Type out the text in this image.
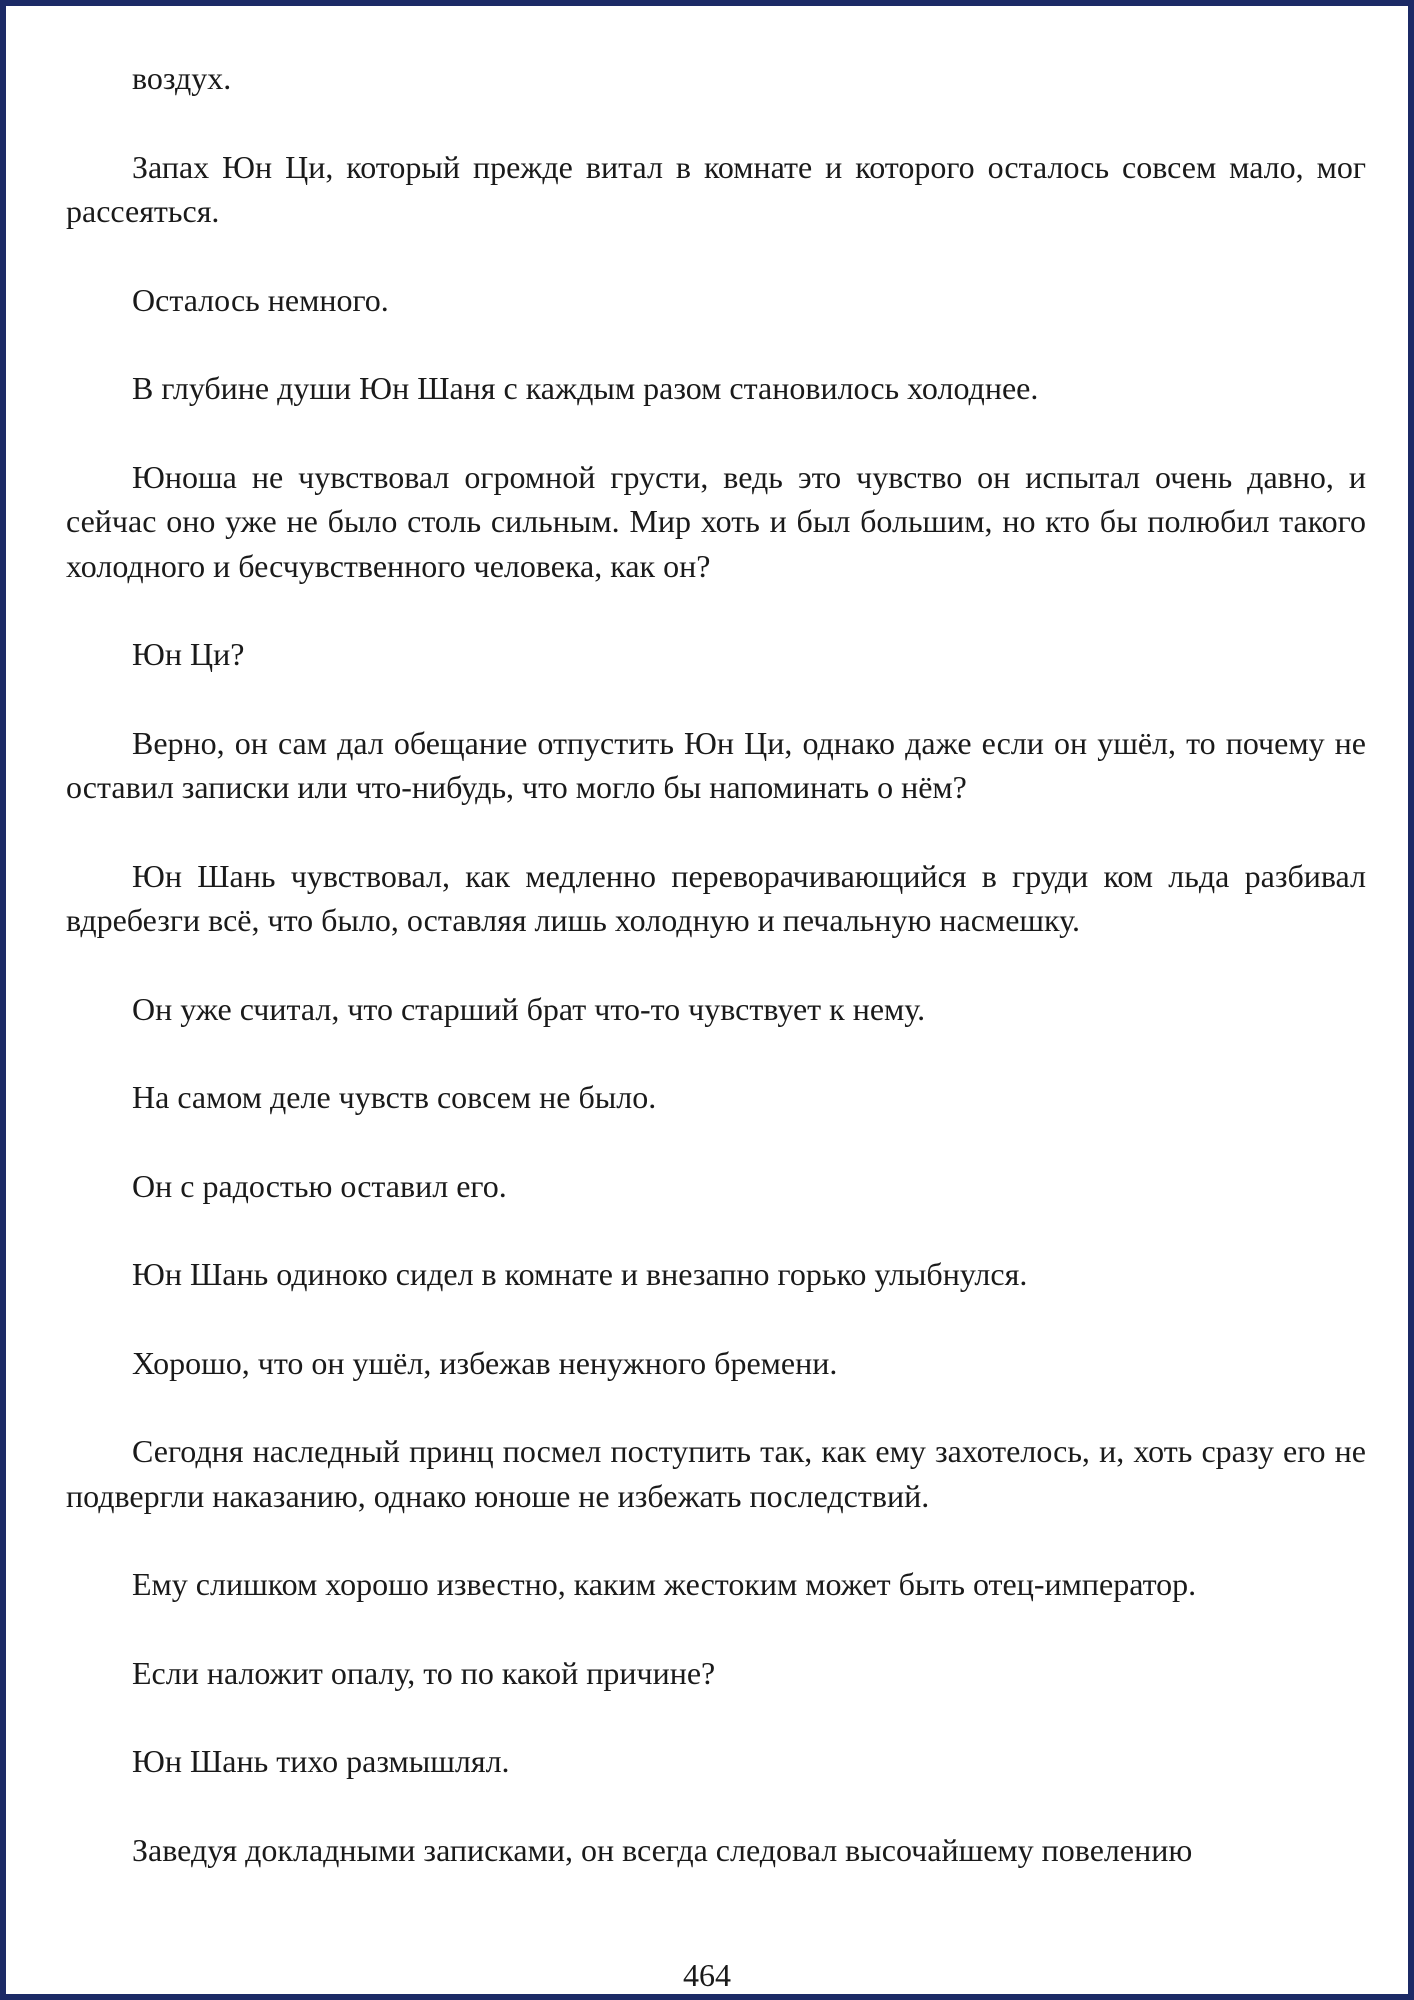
воздух.

Запах Юн Ци, который прежде витал в комнате и которого осталось совсем мало, мог рассеяться.

Осталось немного.

В глубине души Юн Шаня с каждым разом становилось холоднее.

Юноша не чувствовал огромной грусти, ведь это чувство он испытал очень давно, и сейчас оно уже не было столь сильным. Мир хоть и был большим, но кто бы полюбил такого холодного и бесчувственного человека, как он?

Юн Ци?

Верно, он сам дал обещание отпустить Юн Ци, однако даже если он ушёл, то почему не оставил записки или что-нибудь, что могло бы напоминать о нём?

Юн Шань чувствовал, как медленно переворачивающийся в груди ком льда разбивал вдребезги всё, что было, оставляя лишь холодную и печальную насмешку.

Он уже считал, что старший брат что-то чувствует к нему.

На самом деле чувств совсем не было.

Он с радостью оставил его.

Юн Шань одиноко сидел в комнате и внезапно горько улыбнулся.

Хорошо, что он ушёл, избежав ненужного бремени.

Сегодня наследный принц посмел поступить так, как ему захотелось, и, хоть сразу его не подвергли наказанию, однако юноше не избежать последствий.

Ему слишком хорошо известно, каким жестоким может быть отец-император.

Если наложит опалу, то по какой причине?

Юн Шань тихо размышлял.

Заведуя докладными записками, он всегда следовал высочайшему повелению

464
